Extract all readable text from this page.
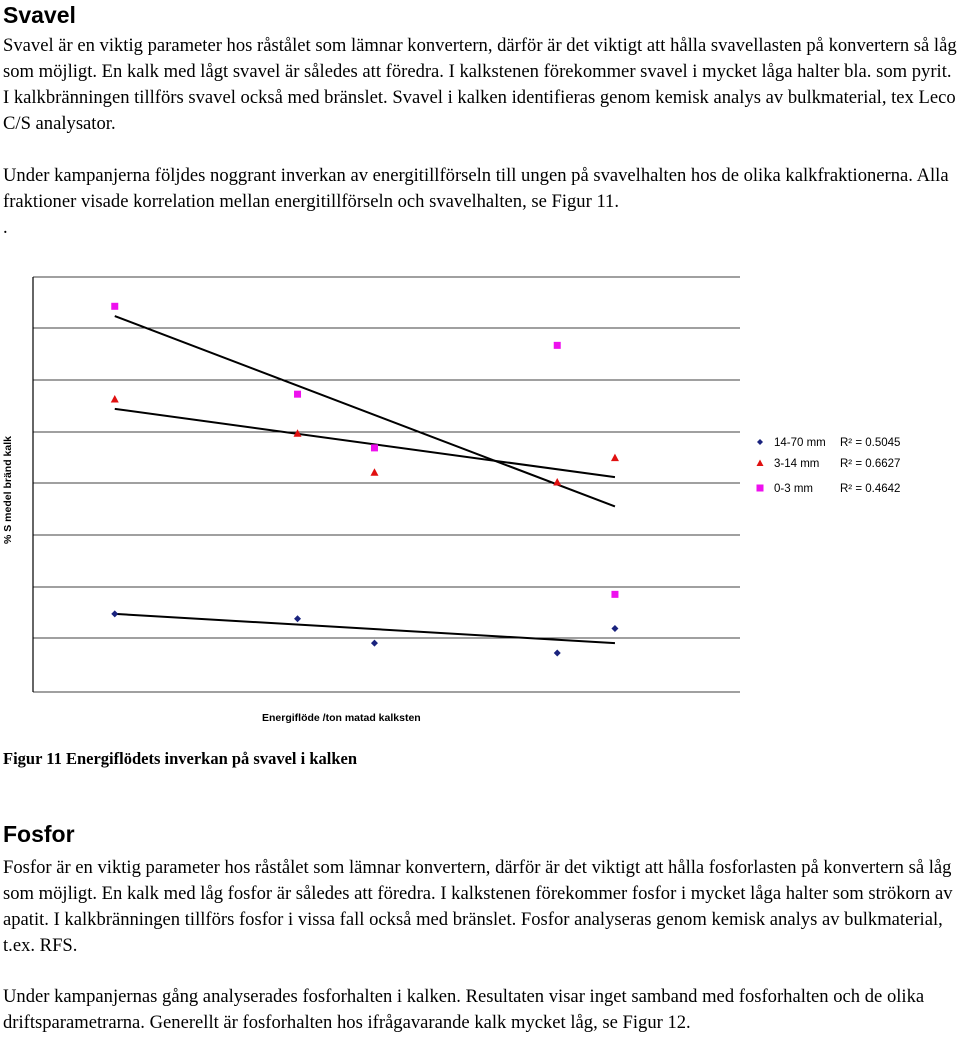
Svavel

Svavel är en viktig parameter hos råstålet som lämnar konvertern, därför är det viktigt att hålla svavellasten på konvertern så låg som möjligt. En kalk med lågt svavel är således att föredra. I kalkstenen förekommer svavel i mycket låga halter bla. som pyrit. I kalkbränningen tillförs svavel också med bränslet. Svavel i kalken identifieras genom kemisk analys av bulkmaterial, tex Leco C/S analysator.

Under kampanjerna följdes noggrant inverkan av energitillförseln till ungen på svavelhalten hos de olika kalkfraktionerna. Alla fraktioner visade korrelation mellan energitillförseln och svavelhalten, se Figur 11.

.

14-70 mm R² = 0.5045
3-14 mm R² = 0.6627
0-3 mm R² = 0.4642
% S medel bränd kalk
Energiflöde /ton matad kalksten
Figur 11 Energiflödets inverkan på svavel i kalken
Fosfor

Fosfor är en viktig parameter hos råstålet som lämnar konvertern, därför är det viktigt att hålla fosforlasten på konvertern så låg som möjligt. En kalk med låg fosfor är således att föredra. I kalkstenen förekommer fosfor i mycket låga halter som strökorn av apatit. I kalkbränningen tillförs fosfor i vissa fall också med bränslet. Fosfor analyseras genom kemisk analys av bulkmaterial, t.ex. RFS.

Under kampanjernas gång analyserades fosforhalten i kalken. Resultaten visar inget samband med fosforhalten och de olika driftsparametrarna. Generellt är fosforhalten hos ifrågavarande kalk mycket låg, se Figur 12.
